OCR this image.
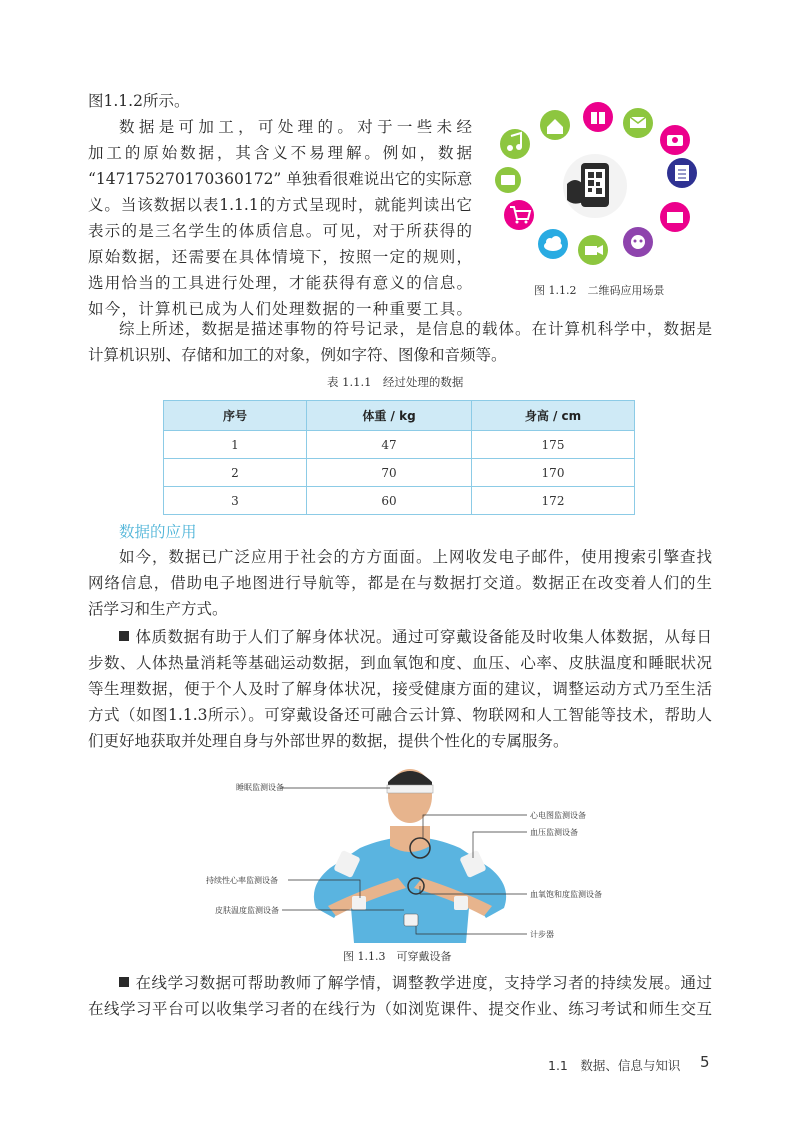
图1.1.2所示。

数据是可加工，可处理的。对于一些未经
加工的原始数据，其含义不易理解。例如，数据
“147175270170360172” 单独看很难说出它的实际意
义。当该数据以表1.1.1的方式呈现时，就能判读出它
表示的是三名学生的体质信息。可见，对于所获得的
原始数据，还需要在具体情境下，按照一定的规则，
选用恰当的工具进行处理，才能获得有意义的信息。
如今，计算机已成为人们处理数据的一种重要工具。

图 1.1.2　二维码应用场景

综上所述，数据是描述事物的符号记录，是信息的载体。在计算机科学中，数据是
计算机识别、存储和加工的对象，例如字符、图像和音频等。

表 1.1.1　经过处理的数据
序号	体重 / kg	身高 / cm
1	47	175
2	70	170
3	60	172
数据的应用

如今，数据已广泛应用于社会的方方面面。上网收发电子邮件，使用搜索引擎查找
网络信息，借助电子地图进行导航等，都是在与数据打交道。数据正在改变着人们的生
活学习和生产方式。

体质数据有助于人们了解身体状况。通过可穿戴设备能及时收集人体数据，从每日
步数、人体热量消耗等基础运动数据，到血氧饱和度、血压、心率、皮肤温度和睡眠状况
等生理数据，便于个人及时了解身体状况，接受健康方面的建议，调整运动方式乃至生活
方式（如图1.1.3所示）。可穿戴设备还可融合云计算、物联网和人工智能等技术，帮助人
们更好地获取并处理自身与外部世界的数据，提供个性化的专属服务。

睡眠监测设备
心电图监测设备
血压监测设备
持续性心率监测设备
血氧饱和度监测设备
皮肤温度监测设备
计步器
图 1.1.3　可穿戴设备

在线学习数据可帮助教师了解学情，调整教学进度，支持学习者的持续发展。通过
在线学习平台可以收集学习者的在线行为（如浏览课件、提交作业、练习考试和师生交互

1.1　数据、信息与知识 5
